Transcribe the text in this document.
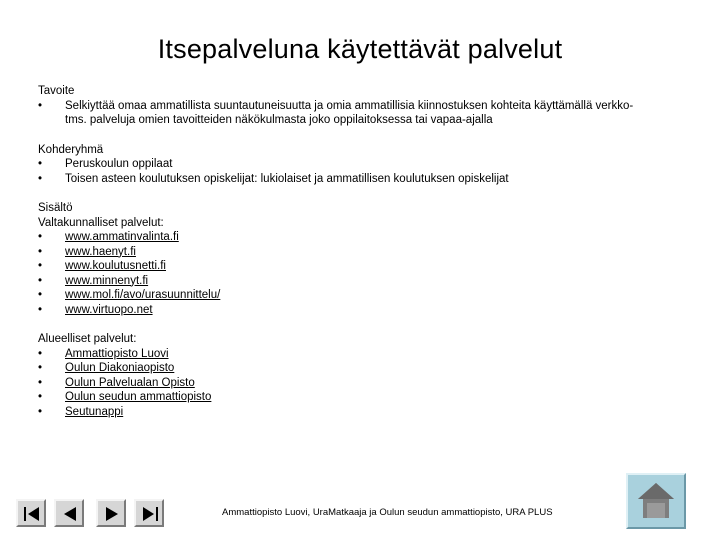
Itsepalveluna käytettävät palvelut
Tavoite
•	Selkiyttää omaa ammatillista suuntautuneisuutta ja omia ammatillisia kiinnostuksen kohteita käyttämällä verkko-
tms. palveluja omien tavoitteiden näkökulmasta joko oppilaitoksessa tai vapaa-ajalla
Kohderyhmä
•	Peruskoulun oppilaat
•	Toisen asteen koulutuksen opiskelijat: lukiolaiset ja ammatillisen koulutuksen opiskelijat
Sisältö
Valtakunnalliset palvelut:
•	www.ammatinvalinta.fi
•	www.haenyt.fi
•	www.koulutusnetti.fi
•	www.minnenyt.fi
•	www.mol.fi/avo/urasuunnittelu/
•	www.virtuopo.net
Alueelliset palvelut:
•	Ammattiopisto Luovi
•	Oulun Diakoniaopisto
•	Oulun Palvelualan Opisto
•	Oulun seudun ammattiopisto
•	Seutunappi
Ammattiopisto Luovi, UraMatkaaja ja Oulun seudun ammattiopisto, URA PLUS
